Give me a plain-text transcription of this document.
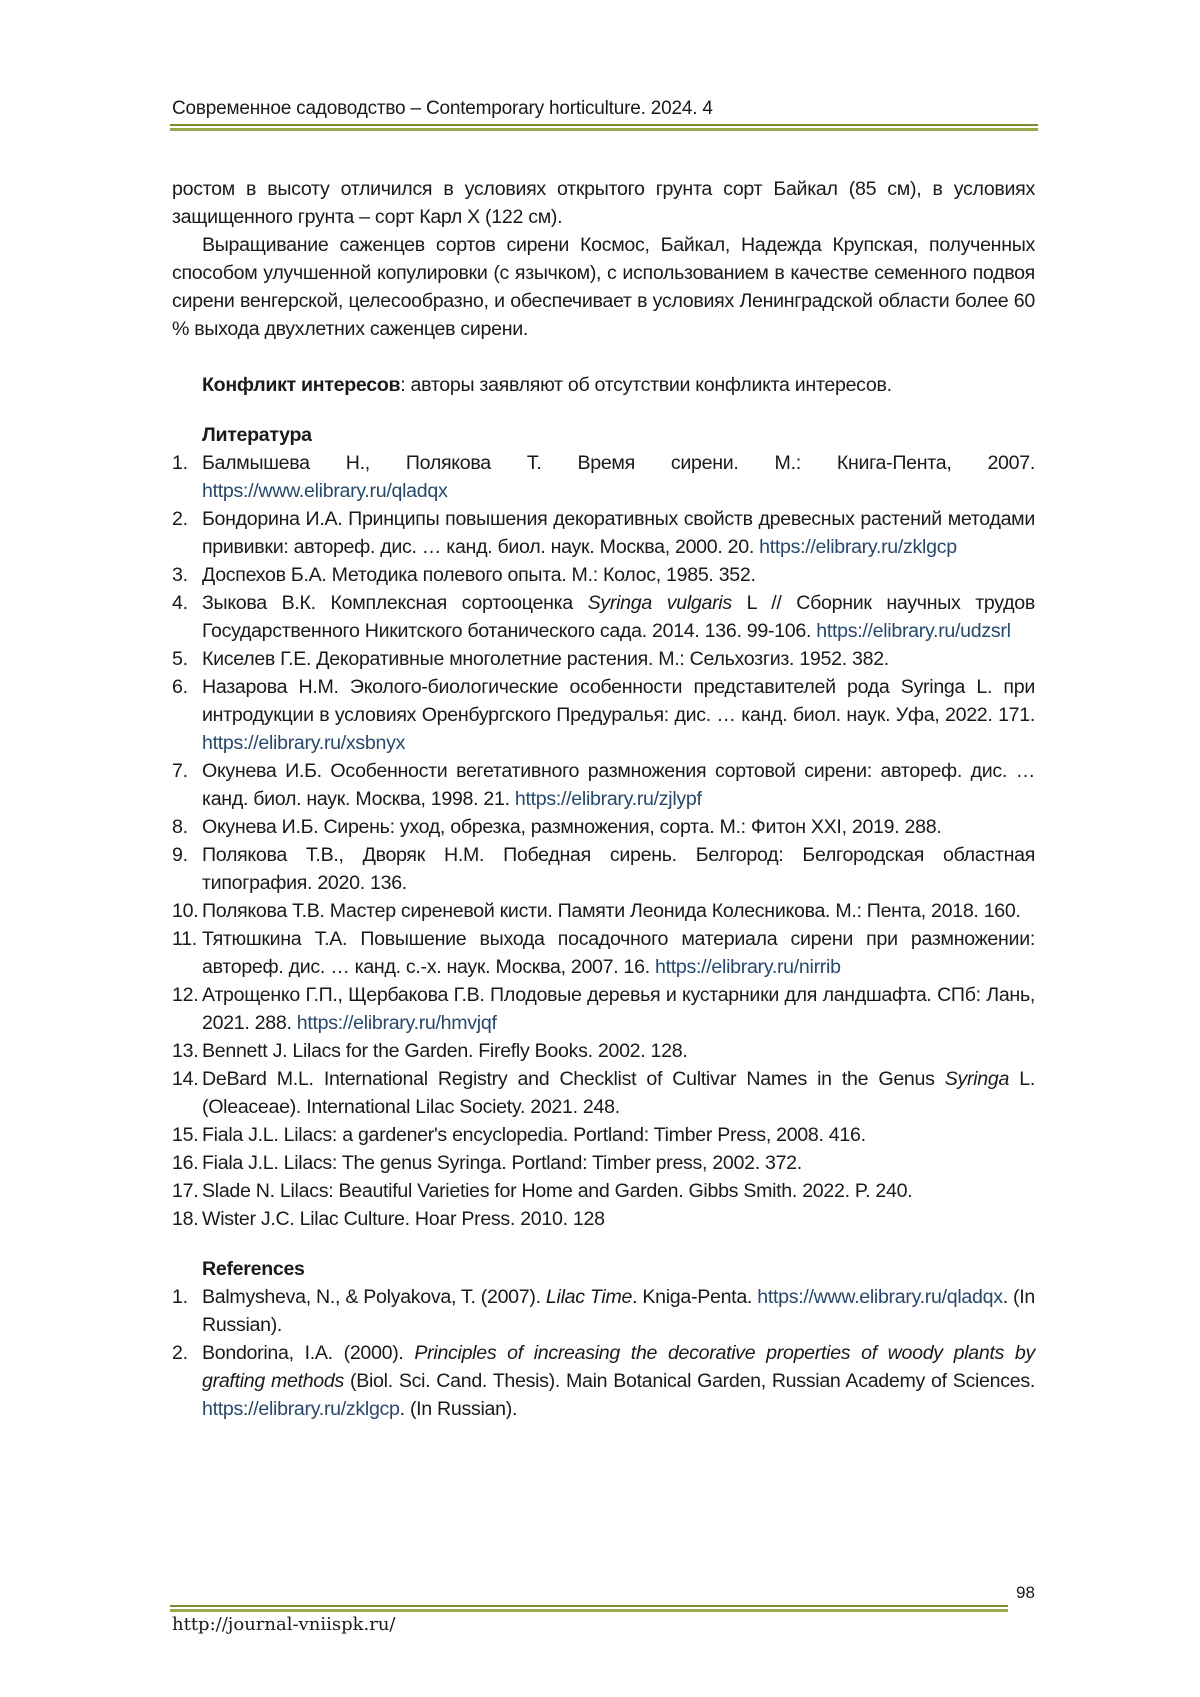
Современное садоводство – Contemporary horticulture. 2024. 4

ростом в высоту отличился в условиях открытого грунта сорт Байкал (85 см), в условиях защищенного грунта – сорт Карл Х (122 см).

Выращивание саженцев сортов сирени Космос, Байкал, Надежда Крупская, полученных способом улучшенной копулировки (с язычком), с использованием в качестве семенного подвоя сирени венгерской, целесообразно, и обеспечивает в условиях Ленинградской области более 60 % выхода двухлетних саженцев сирени.

Конфликт интересов: авторы заявляют об отсутствии конфликта интересов.

Литература
1. Балмышева Н., Полякова Т. Время сирени. М.: Книга-Пента, 2007. https://www.elibrary.ru/qladqx
2. Бондорина И.А. Принципы повышения декоративных свойств древесных растений методами прививки: автореф. дис. … канд. биол. наук. Москва, 2000. 20. https://elibrary.ru/zklgcp
3. Доспехов Б.А. Методика полевого опыта. М.: Колос, 1985. 352.
4. Зыкова В.К. Комплексная сортооценка Syringa vulgaris L // Сборник научных трудов Государственного Никитского ботанического сада. 2014. 136. 99-106. https://elibrary.ru/udzsrl
5. Киселев Г.Е. Декоративные многолетние растения. М.: Сельхозгиз. 1952. 382.
6. Назарова Н.М. Эколого-биологические особенности представителей рода Syringa L. при интродукции в условиях Оренбургского Предуралья: дис. … канд. биол. наук. Уфа, 2022. 171. https://elibrary.ru/xsbnyx
7. Окунева И.Б. Особенности вегетативного размножения сортовой сирени: автореф. дис. … канд. биол. наук. Москва, 1998. 21. https://elibrary.ru/zjlypf
8. Окунева И.Б. Сирень: уход, обрезка, размножения, сорта. М.: Фитон XXI, 2019. 288.
9. Полякова Т.В., Дворяк Н.М. Победная сирень. Белгород: Белгородская областная типография. 2020. 136.
10. Полякова Т.В. Мастер сиреневой кисти. Памяти Леонида Колесникова. М.: Пента, 2018. 160.
11. Тятюшкина Т.А. Повышение выхода посадочного материала сирени при размножении: автореф. дис. … канд. с.-х. наук. Москва, 2007. 16. https://elibrary.ru/nirrib
12. Атрощенко Г.П., Щербакова Г.В. Плодовые деревья и кустарники для ландшафта. СПб: Лань, 2021. 288. https://elibrary.ru/hmvjqf
13. Bennett J. Lilacs for the Garden. Firefly Books. 2002. 128.
14. DeBard M.L. International Registry and Checklist of Cultivar Names in the Genus Syringa L. (Oleaceae). International Lilac Society. 2021. 248.
15. Fiala J.L. Lilacs: a gardener's encyclopedia. Portland: Timber Press, 2008. 416.
16. Fiala J.L. Lilacs: The genus Syringa. Portland: Timber press, 2002. 372.
17. Slade N. Lilacs: Beautiful Varieties for Home and Garden. Gibbs Smith. 2022. P. 240.
18. Wister J.C. Lilac Culture. Hoar Press. 2010. 128
References
1. Balmysheva, N., & Polyakova, T. (2007). Lilac Time. Kniga-Penta. https://www.elibrary.ru/qladqx. (In Russian).
2. Bondorina, I.A. (2000). Principles of increasing the decorative properties of woody plants by grafting methods (Biol. Sci. Cand. Thesis). Main Botanical Garden, Russian Academy of Sciences. https://elibrary.ru/zklgcp. (In Russian).
98
http://journal-vniispk.ru/
